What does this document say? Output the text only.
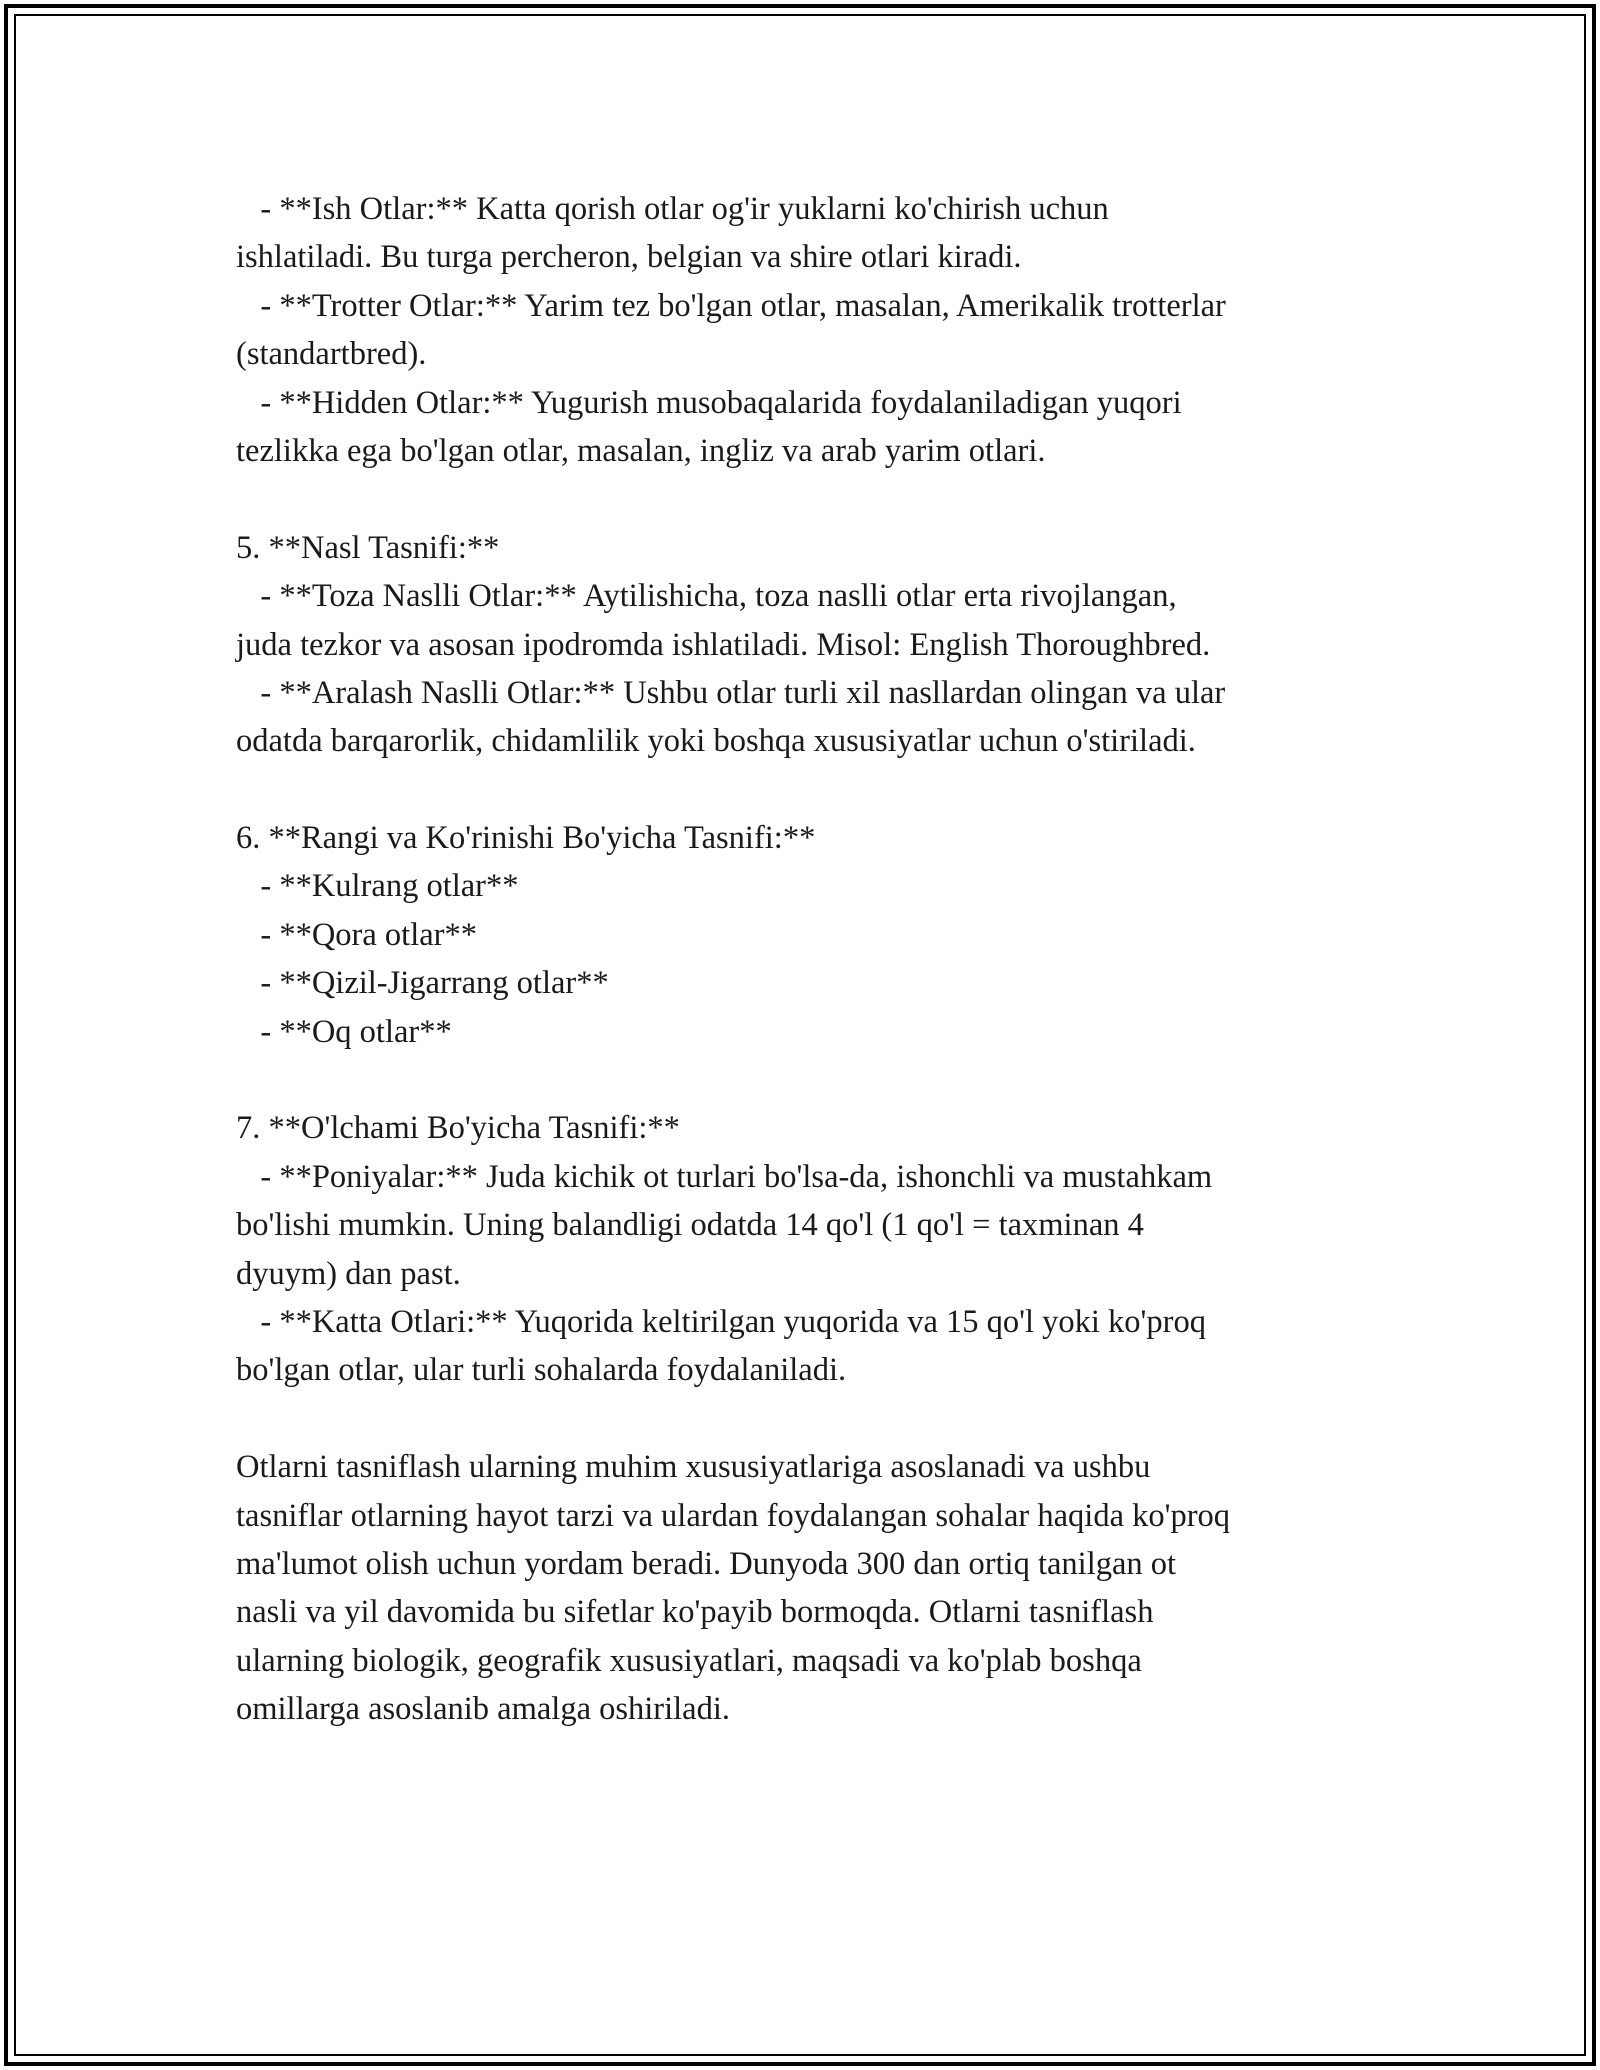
- **Ish Otlar:** Katta qorish otlar og'ir yuklarni ko'chirish uchun
ishlatiladi. Bu turga percheron, belgian va shire otlari kiradi.
- **Trotter Otlar:** Yarim tez bo'lgan otlar, masalan, Amerikalik trotterlar
(standartbred).
- **Hidden Otlar:** Yugurish musobaqalarida foydalaniladigan yuqori
tezlikka ega bo'lgan otlar, masalan, ingliz va arab yarim otlari.
5. **Nasl Tasnifi:**
- **Toza Naslli Otlar:** Aytilishicha, toza naslli otlar erta rivojlangan,
juda tezkor va asosan ipodromda ishlatiladi. Misol: English Thoroughbred.
- **Aralash Naslli Otlar:** Ushbu otlar turli xil nasllardan olingan va ular
odatda barqarorlik, chidamlilik yoki boshqa xususiyatlar uchun o'stiriladi.
6. **Rangi va Ko'rinishi Bo'yicha Tasnifi:**
- **Kulrang otlar**
- **Qora otlar**
- **Qizil-Jigarrang otlar**
- **Oq otlar**
7. **O'lchami Bo'yicha Tasnifi:**
- **Poniyalar:** Juda kichik ot turlari bo'lsa-da, ishonchli va mustahkam
bo'lishi mumkin. Uning balandligi odatda 14 qo'l (1 qo'l = taxminan 4
dyuym) dan past.
- **Katta Otlari:** Yuqorida keltirilgan yuqorida va 15 qo'l yoki ko'proq
bo'lgan otlar, ular turli sohalarda foydalaniladi.
Otlarni tasniflash ularning muhim xususiyatlariga asoslanadi va ushbu
tasniflar otlarning hayot tarzi va ulardan foydalangan sohalar haqida ko'proq
ma'lumot olish uchun yordam beradi. Dunyoda 300 dan ortiq tanilgan ot
nasli va yil davomida bu sifetlar ko'payib bormoqda. Otlarni tasniflash
ularning biologik, geografik xususiyatlari, maqsadi va ko'plab boshqa
omillarga asoslanib amalga oshiriladi.
